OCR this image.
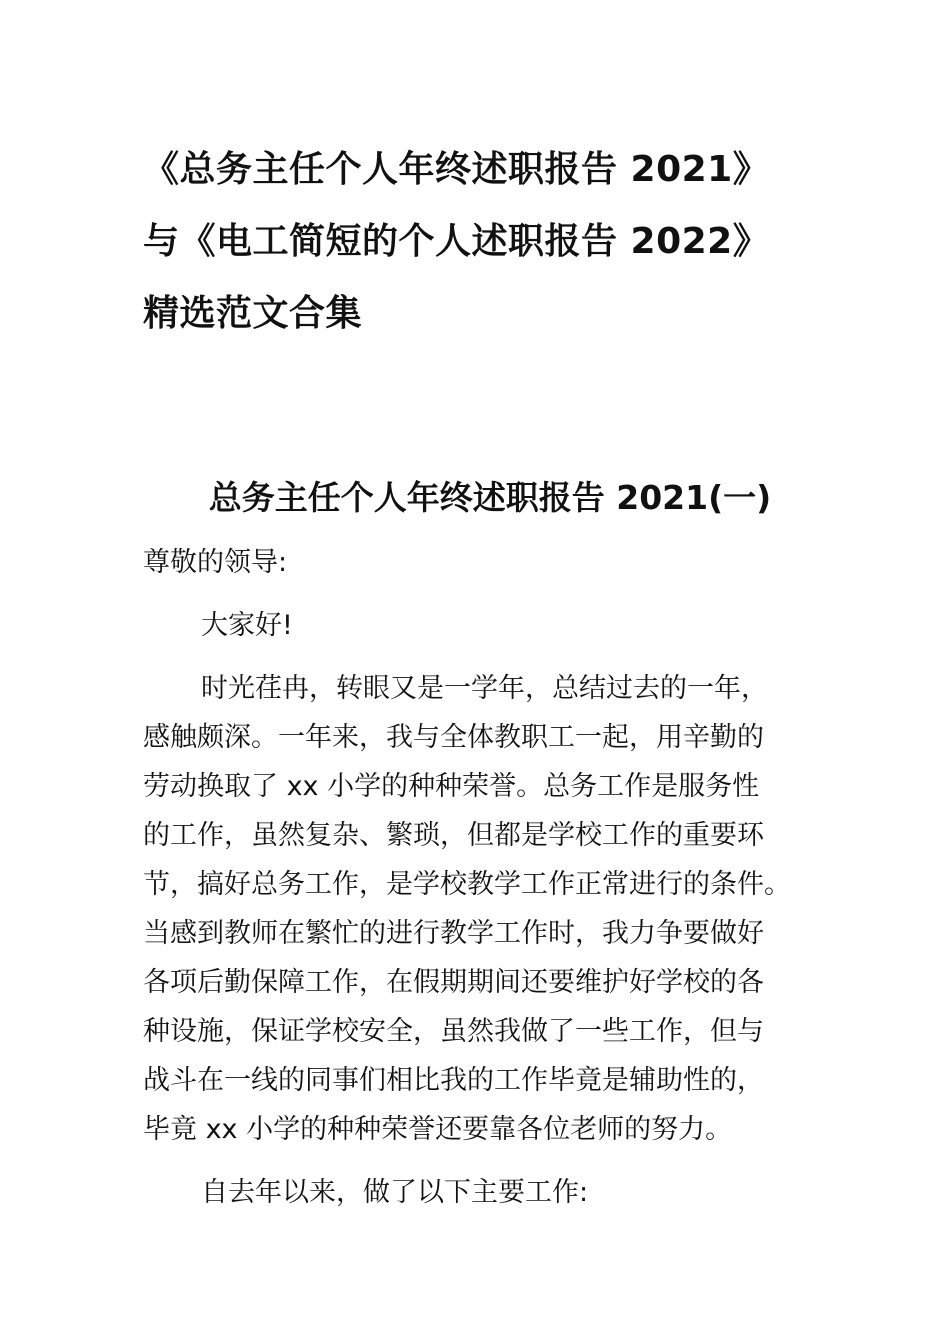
《总务主任个人年终述职报告 2021》
与《电工简短的个人述职报告 2022》
精选范文合集
总务主任个人年终述职报告 2021(一)

尊敬的领导:

大家好!

时光荏冉，转眼又是一学年，总结过去的一年，
感触颇深。一年来，我与全体教职工一起，用辛勤的
劳动换取了 xx 小学的种种荣誉。总务工作是服务性
的工作，虽然复杂、繁琐，但都是学校工作的重要环
节，搞好总务工作，是学校教学工作正常进行的条件。
当感到教师在繁忙的进行教学工作时，我力争要做好
各项后勤保障工作，在假期期间还要维护好学校的各
种设施，保证学校安全，虽然我做了一些工作，但与
战斗在一线的同事们相比我的工作毕竟是辅助性的，
毕竟 xx 小学的种种荣誉还要靠各位老师的努力。

自去年以来，做了以下主要工作:
